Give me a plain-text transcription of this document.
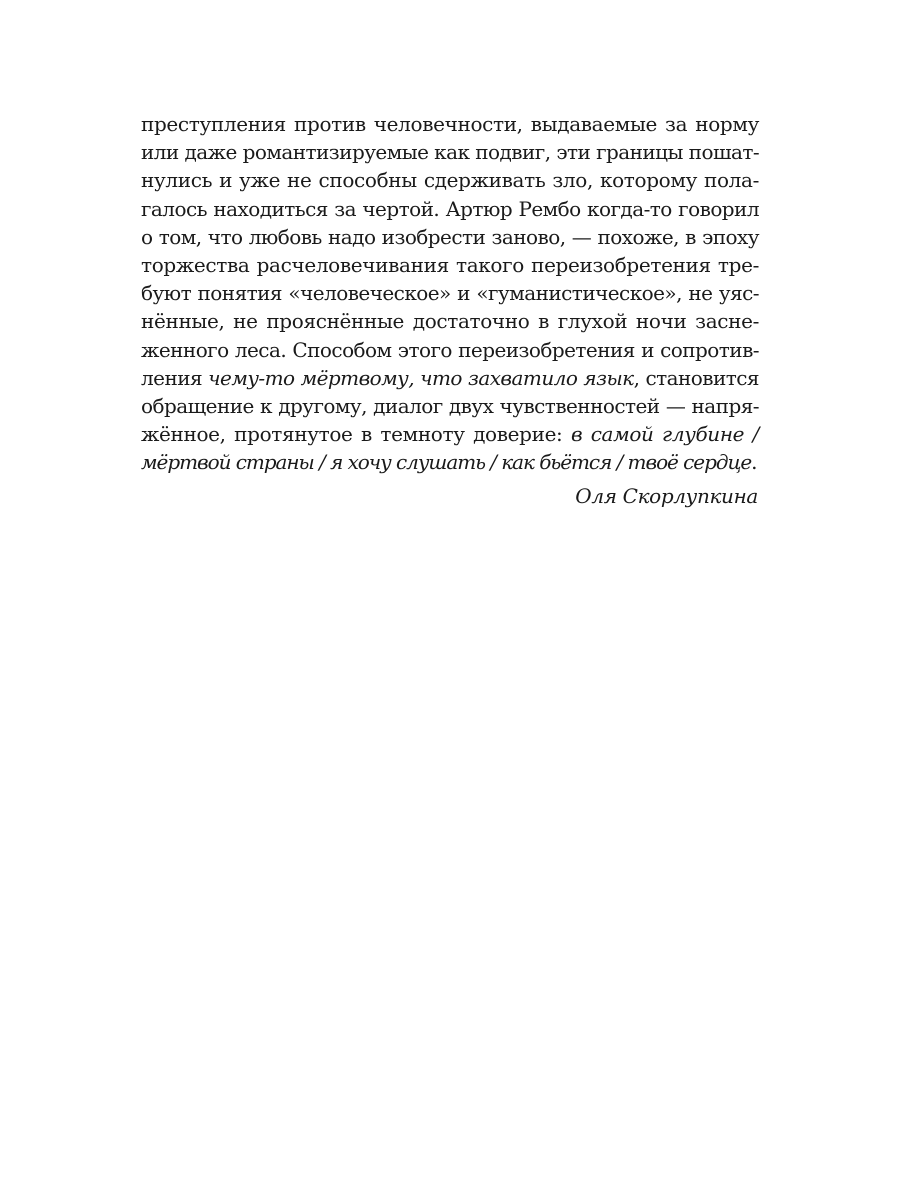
преступления против человечности, выдаваемые за норму
или даже романтизируемые как подвиг, эти границы пошат-
нулись и уже не способны сдерживать зло, которому пола-
галось находиться за чертой. Артюр Рембо когда-то говорил
о том, что любовь надо изобрести заново, — похоже, в эпоху
торжества расчеловечивания такого переизобретения тре-
буют понятия «человеческое» и «гуманистическое», не уяс-
нённые, не прояснённые достаточно в глухой ночи засне-
женного леса. Способом этого переизобретения и сопротив-
ления чему-то мёртвому, что захватило язык, становится
обращение к другому, диалог двух чувственностей — напря-
жённое, протянутое в темноту доверие: в самой глубине /
мёртвой страны / я хочу слушать / как бьётся / твоё сердце.
Оля Скорлупкина
